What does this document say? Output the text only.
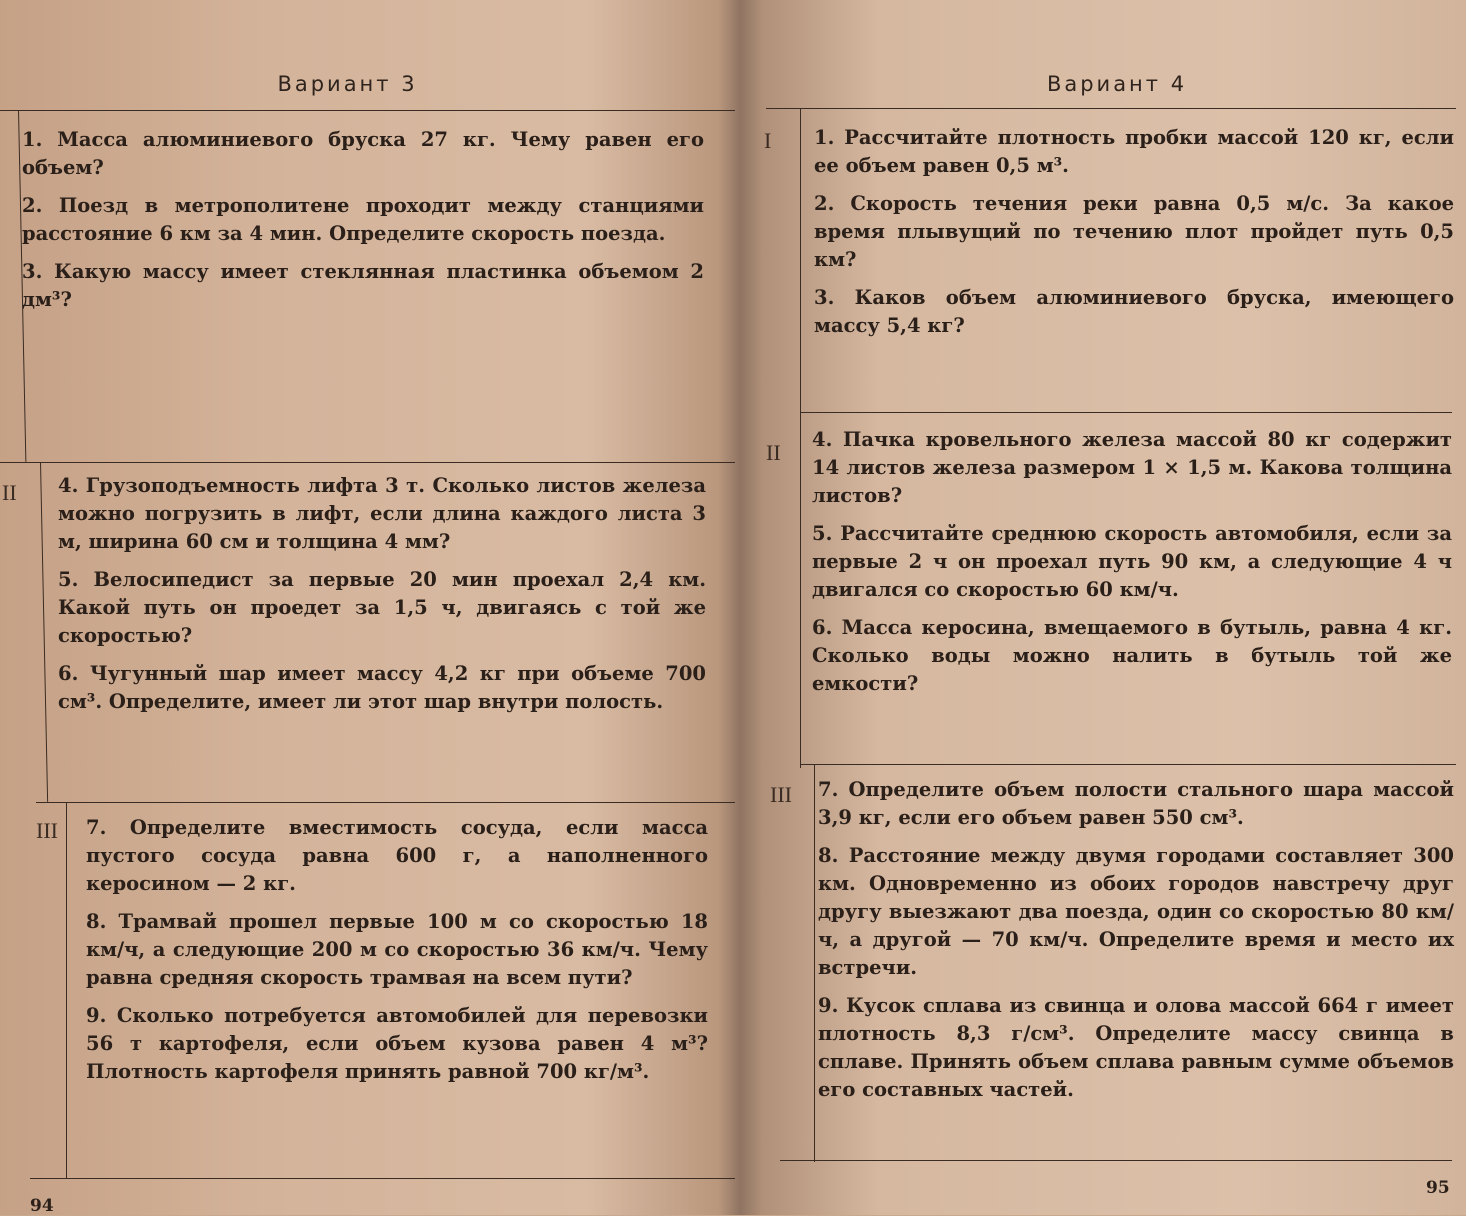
Вариант 3
II
III

1. Масса алюминиевого бруска 27 кг. Чему равен его объем?

2. Поезд в метрополитене проходит между станциями расстояние 6 км за 4 мин. Определите скорость поезда.

3. Какую массу имеет стеклянная пластинка объемом 2 дм³?

4. Грузоподъемность лифта 3 т. Сколько листов железа можно погрузить в лифт, если длина каждого листа 3 м, ширина 60 см и толщина 4 мм?

5. Велосипедист за первые 20 мин проехал 2,4 км. Какой путь он проедет за 1,5 ч, двигаясь с той же скоростью?

6. Чугунный шар имеет массу 4,2 кг при объеме 700 см³. Определите, имеет ли этот шар внутри полость.

7. Определите вместимость сосуда, если масса пустого сосуда равна 600 г, а наполненного керосином — 2 кг.

8. Трамвай прошел первые 100 м со скоростью 18 км/ч, а следующие 200 м со скоростью 36 км/ч. Чему равна средняя скорость трамвая на всем пути?

9. Сколько потребуется автомобилей для перевозки 56 т картофеля, если объем кузова равен 4 м³? Плотность картофеля принять равной 700 кг/м³.

94
Вариант 4
I
II
III

1. Рассчитайте плотность пробки массой 120 кг, если ее объем равен 0,5 м³.

2. Скорость течения реки равна 0,5 м/с. За какое время плывущий по течению плот пройдет путь 0,5 км?

3. Каков объем алюминиевого бруска, имеющего массу 5,4 кг?

4. Пачка кровельного железа массой 80 кг содержит 14 листов железа размером 1 × 1,5 м. Какова толщина листов?

5. Рассчитайте среднюю скорость автомобиля, если за первые 2 ч он проехал путь 90 км, а следующие 4 ч двигался со скоростью 60 км/ч.

6. Масса керосина, вмещаемого в бутыль, равна 4 кг. Сколько воды можно налить в бутыль той же емкости?

7. Определите объем полости стального шара массой 3,9 кг, если его объем равен 550 см³.

8. Расстояние между двумя городами составляет 300 км. Одновременно из обоих городов навстречу друг другу выезжают два поезда, один со скоростью 80 км/ч, а другой — 70 км/ч. Определите время и место их встречи.

9. Кусок сплава из свинца и олова массой 664 г имеет плотность 8,3 г/см³. Определите массу свинца в сплаве. Принять объем сплава равным сумме объемов его составных частей.

95
